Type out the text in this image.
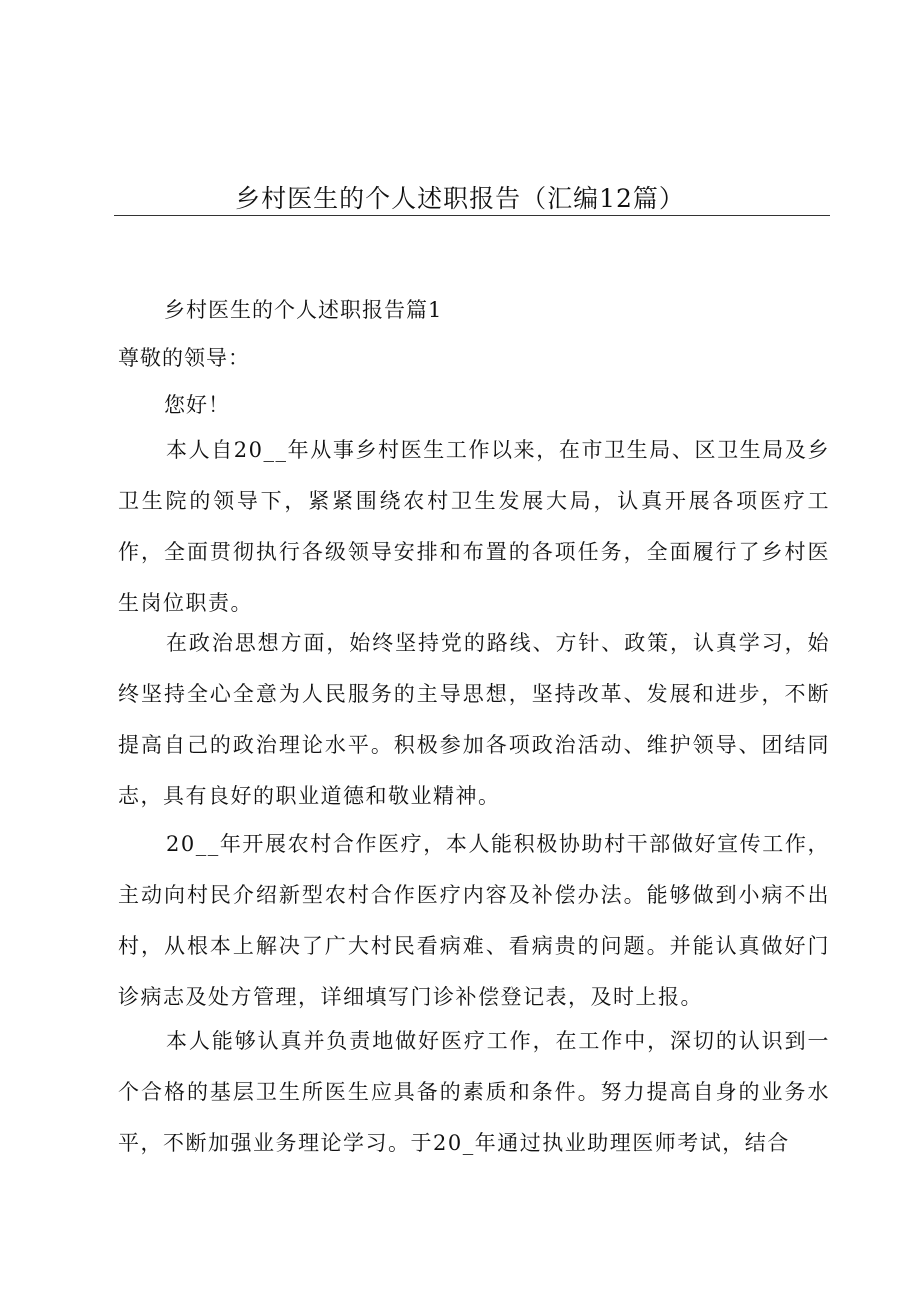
乡村医生的个人述职报告（汇编12篇）
乡村医生的个人述职报告篇1

尊敬的领导：

您好！

本人自20__年从事乡村医生工作以来，在市卫生局、区卫生局及乡卫生院的领导下，紧紧围绕农村卫生发展大局，认真开展各项医疗工作，全面贯彻执行各级领导安排和布置的各项任务，全面履行了乡村医生岗位职责。

在政治思想方面，始终坚持党的路线、方针、政策，认真学习，始终坚持全心全意为人民服务的主导思想，坚持改革、发展和进步，不断提高自己的政治理论水平。积极参加各项政治活动、维护领导、团结同志，具有良好的职业道德和敬业精神。

20__年开展农村合作医疗，本人能积极协助村干部做好宣传工作，主动向村民介绍新型农村合作医疗内容及补偿办法。能够做到小病不出村，从根本上解决了广大村民看病难、看病贵的问题。并能认真做好门诊病志及处方管理，详细填写门诊补偿登记表，及时上报。

本人能够认真并负责地做好医疗工作，在工作中，深切的认识到一个合格的基层卫生所医生应具备的素质和条件。努力提高自身的业务水平，不断加强业务理论学习。于20_年通过执业助理医师考试，结合
